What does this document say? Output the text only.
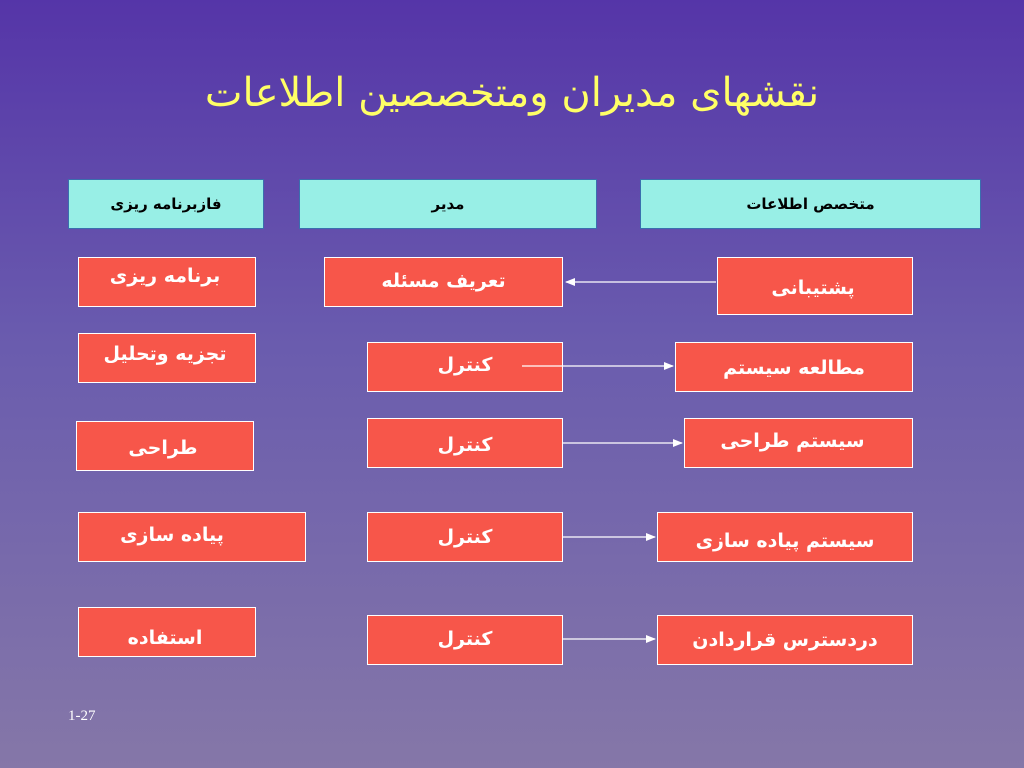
نقشهای مدیران ومتخصصین اطلاعات
فازبرنامه ریزی	مدیر	متخصص اطلاعات
برنامه ریزی
تجزیه وتحلیل
طراحی
پیاده سازی
استفاده
تعریف مسئله
کنترل
کنترل
کنترل
کنترل
پشتیبانی
مطالعه سیستم
سیستم طراحی
سیستم پیاده سازی
دردسترس قراردادن
1-27
